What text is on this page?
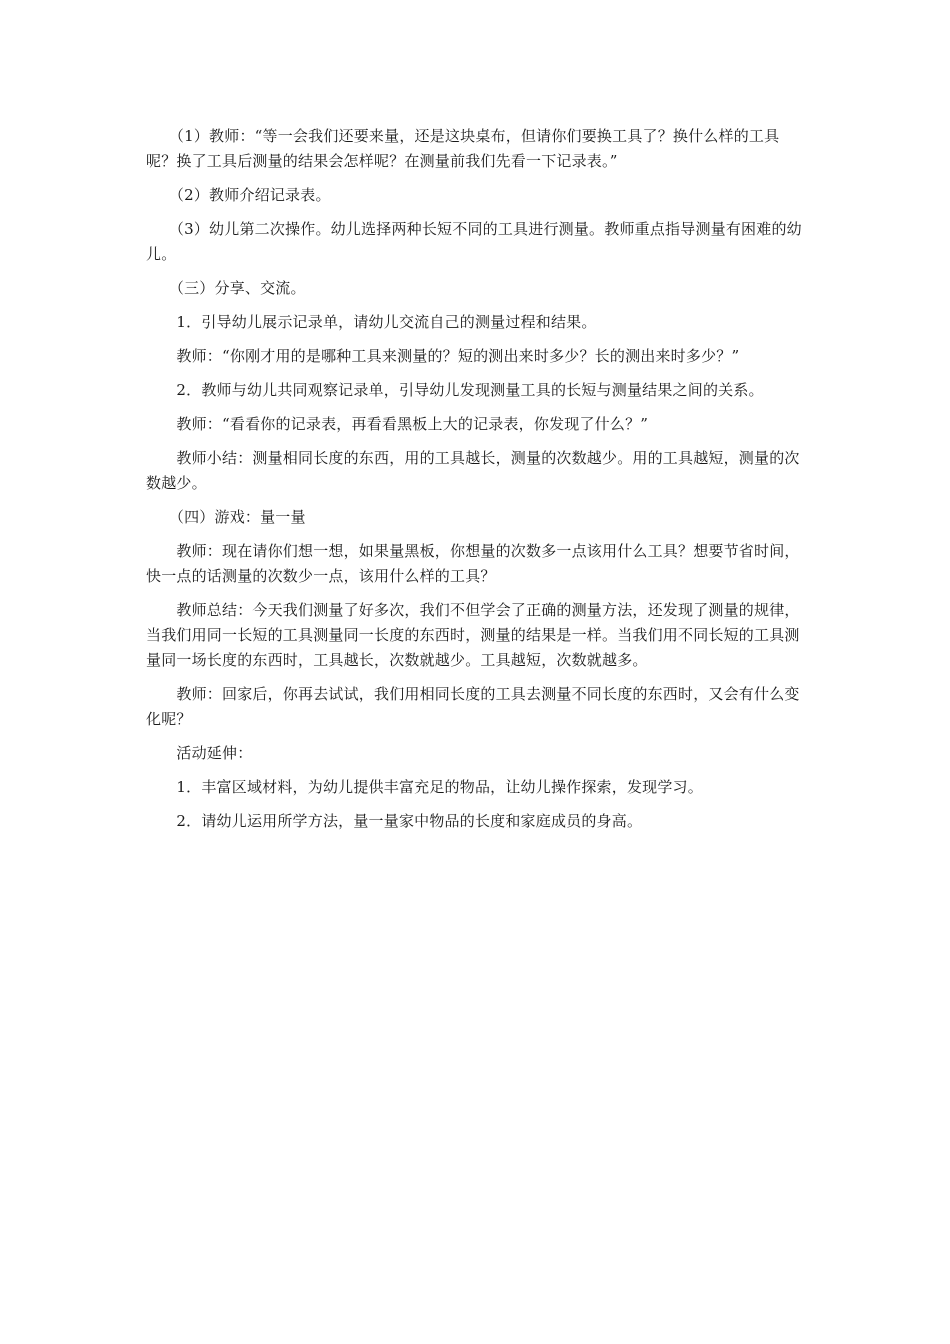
　　（1）教师：“等一会我们还要来量，还是这块桌布，但请你们要换工具了？换什么样的工具呢？换了工具后测量的结果会怎样呢？在测量前我们先看一下记录表。”

　　（2）教师介绍记录表。

　　（3）幼儿第二次操作。幼儿选择两种长短不同的工具进行测量。教师重点指导测量有困难的幼儿。

　　（三）分享、交流。

　　1．引导幼儿展示记录单，请幼儿交流自己的测量过程和结果。

　　教师：“你刚才用的是哪种工具来测量的？短的测出来时多少？长的测出来时多少？”

　　2．教师与幼儿共同观察记录单，引导幼儿发现测量工具的长短与测量结果之间的关系。

　　教师：“看看你的记录表，再看看黑板上大的记录表，你发现了什么？”

　　教师小结：测量相同长度的东西，用的工具越长，测量的次数越少。用的工具越短，测量的次数越少。

　　（四）游戏：量一量

　　教师：现在请你们想一想，如果量黑板，你想量的次数多一点该用什么工具？想要节省时间，快一点的话测量的次数少一点，该用什么样的工具？

　　教师总结：今天我们测量了好多次，我们不但学会了正确的测量方法，还发现了测量的规律，当我们用同一长短的工具测量同一长度的东西时，测量的结果是一样。当我们用不同长短的工具测量同一场长度的东西时，工具越长，次数就越少。工具越短，次数就越多。

　　教师：回家后，你再去试试，我们用相同长度的工具去测量不同长度的东西时，又会有什么变化呢？

　　活动延伸：

　　1．丰富区域材料，为幼儿提供丰富充足的物品，让幼儿操作探索，发现学习。

　　2．请幼儿运用所学方法，量一量家中物品的长度和家庭成员的身高。
